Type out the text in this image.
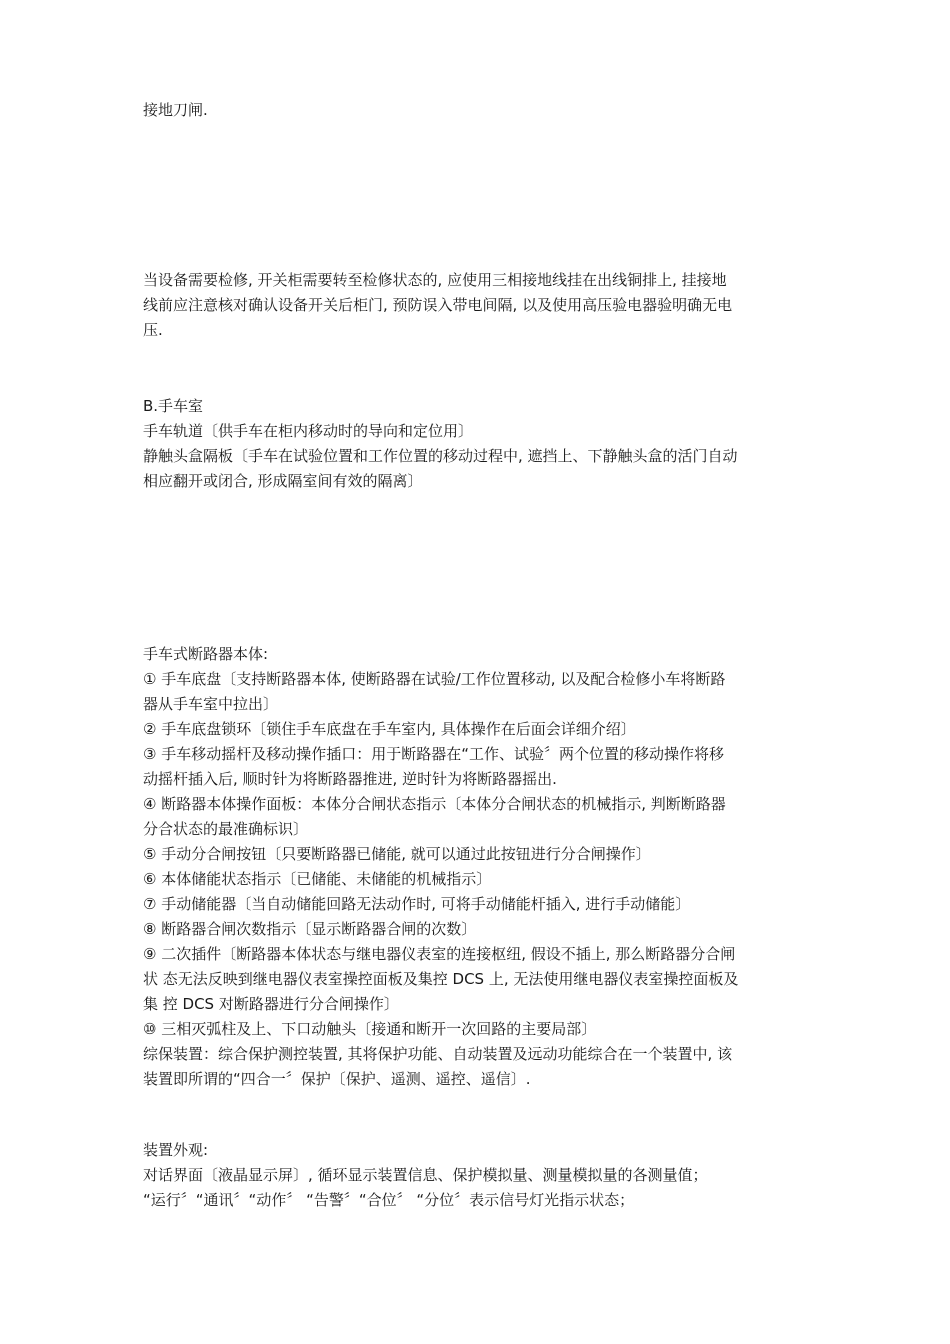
接地刀闸.
当设备需要检修, 开关柜需要转至检修状态的, 应使用三相接地线挂在出线铜排上, 挂接地
线前应注意核对确认设备开关后柜门, 预防误入带电间隔, 以及使用高压验电器验明确无电
压.
B.手车室
手车轨道〔供手车在柜内移动时的导向和定位用〕
静触头盒隔板〔手车在试验位置和工作位置的移动过程中, 遮挡上、下静触头盒的活门自动
相应翻开或闭合, 形成隔室间有效的隔离〕
手车式断路器本体:
① 手车底盘〔支持断路器本体, 使断路器在试验/工作位置移动, 以及配合检修小车将断路
器从手车室中拉出〕
② 手车底盘锁环〔锁住手车底盘在手车室内, 具体操作在后面会详细介绍〕
③ 手车移动摇杆及移动操作插口：用于断路器在“工作、试验〞两个位置的移动操作将移
动摇杆插入后, 顺时针为将断路器推进, 逆时针为将断路器摇出.
④ 断路器本体操作面板：本体分合闸状态指示〔本体分合闸状态的机械指示, 判断断路器
分合状态的最准确标识〕
⑤ 手动分合闸按钮〔只要断路器已储能, 就可以通过此按钮进行分合闸操作〕
⑥ 本体储能状态指示〔已储能、未储能的机械指示〕
⑦ 手动储能器〔当自动储能回路无法动作时, 可将手动储能杆插入, 进行手动储能〕
⑧ 断路器合闸次数指示〔显示断路器合闸的次数〕
⑨ 二次插件〔断路器本体状态与继电器仪表室的连接枢纽, 假设不插上, 那么断路器分合闸
状 态无法反映到继电器仪表室操控面板及集控 DCS 上, 无法使用继电器仪表室操控面板及
集 控 DCS 对断路器进行分合闸操作〕
⑩ 三相灭弧柱及上、下口动触头〔接通和断开一次回路的主要局部〕
综保装置：综合保护测控装置, 其将保护功能、自动装置及远动功能综合在一个装置中, 该
装置即所谓的“四合一〞保护〔保护、遥测、遥控、遥信〕.
装置外观:
对话界面〔液晶显示屏〕, 循环显示装置信息、保护模拟量、测量模拟量的各测量值；
“运行〞“通讯〞“动作〞 “告警〞“合位〞 “分位〞表示信号灯光指示状态；
